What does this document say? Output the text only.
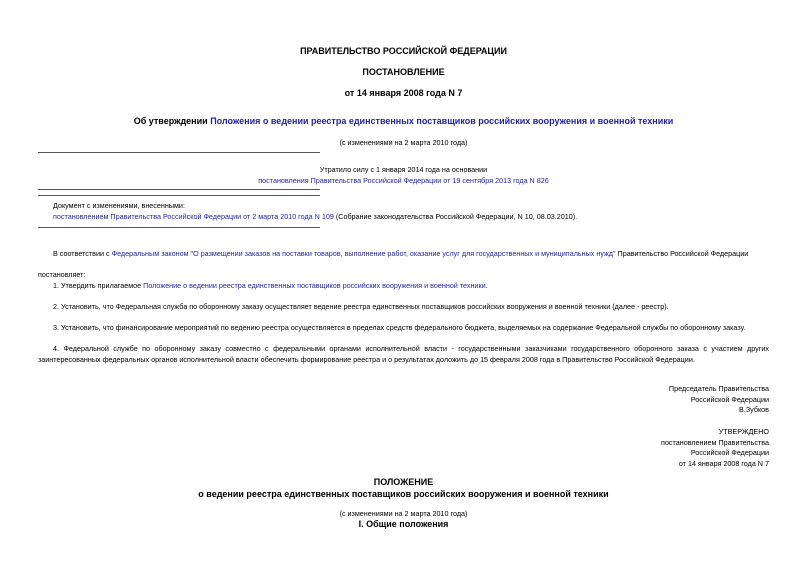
ПРАВИТЕЛЬСТВО РОССИЙСКОЙ ФЕДЕРАЦИИ
ПОСТАНОВЛЕНИЕ
от 14 января 2008 года N 7
Об утверждении Положения о ведении реестра единственных поставщиков российских вооружения и военной техники
(с изменениями на 2 марта 2010 года)
Утратило силу с 1 января 2014 года на основании
постановления Правительства Российской Федерации от 19 сентября 2013 года N 826
Документ с изменениями, внесенными:
постановлением Правительства Российской Федерации от 2 марта 2010 года N 109 (Собрание законодательства Российской Федерации, N 10, 08.03.2010).
В соответствии с Федеральным законом "О размещении заказов на поставки товаров, выполнение работ, оказание услуг для государственных и муниципальных нужд" Правительство Российской Федерации
постановляет:
1. Утвердить прилагаемое Положение о ведении реестра единственных поставщиков российских вооружения и военной техники.
2. Установить, что Федеральная служба по оборонному заказу осуществляет ведение реестра единственных поставщиков российских вооружения и военной техники (далее - реестр).
3. Установить, что финансирование мероприятий по ведению реестра осуществляется в пределах средств федерального бюджета, выделяемых на содержание Федеральной службы по оборонному заказу.
4. Федеральной службе по оборонному заказу совместно с федеральными органами исполнительной власти - государственными заказчиками государственного оборонного заказа с участием других заинтересованных федеральных органов исполнительной власти обеспечить формирование реестра и о результатах доложить до 15 февраля 2008 года в Правительство Российской Федерации.
Председатель Правительства
Российской Федерации
В.Зубков
УТВЕРЖДЕНО
постановлением Правительства
Российской Федерации
от 14 января 2008 года N 7
ПОЛОЖЕНИЕ
о ведении реестра единственных поставщиков российских вооружения и военной техники
(с изменениями на 2 марта 2010 года)
I. Общие положения
